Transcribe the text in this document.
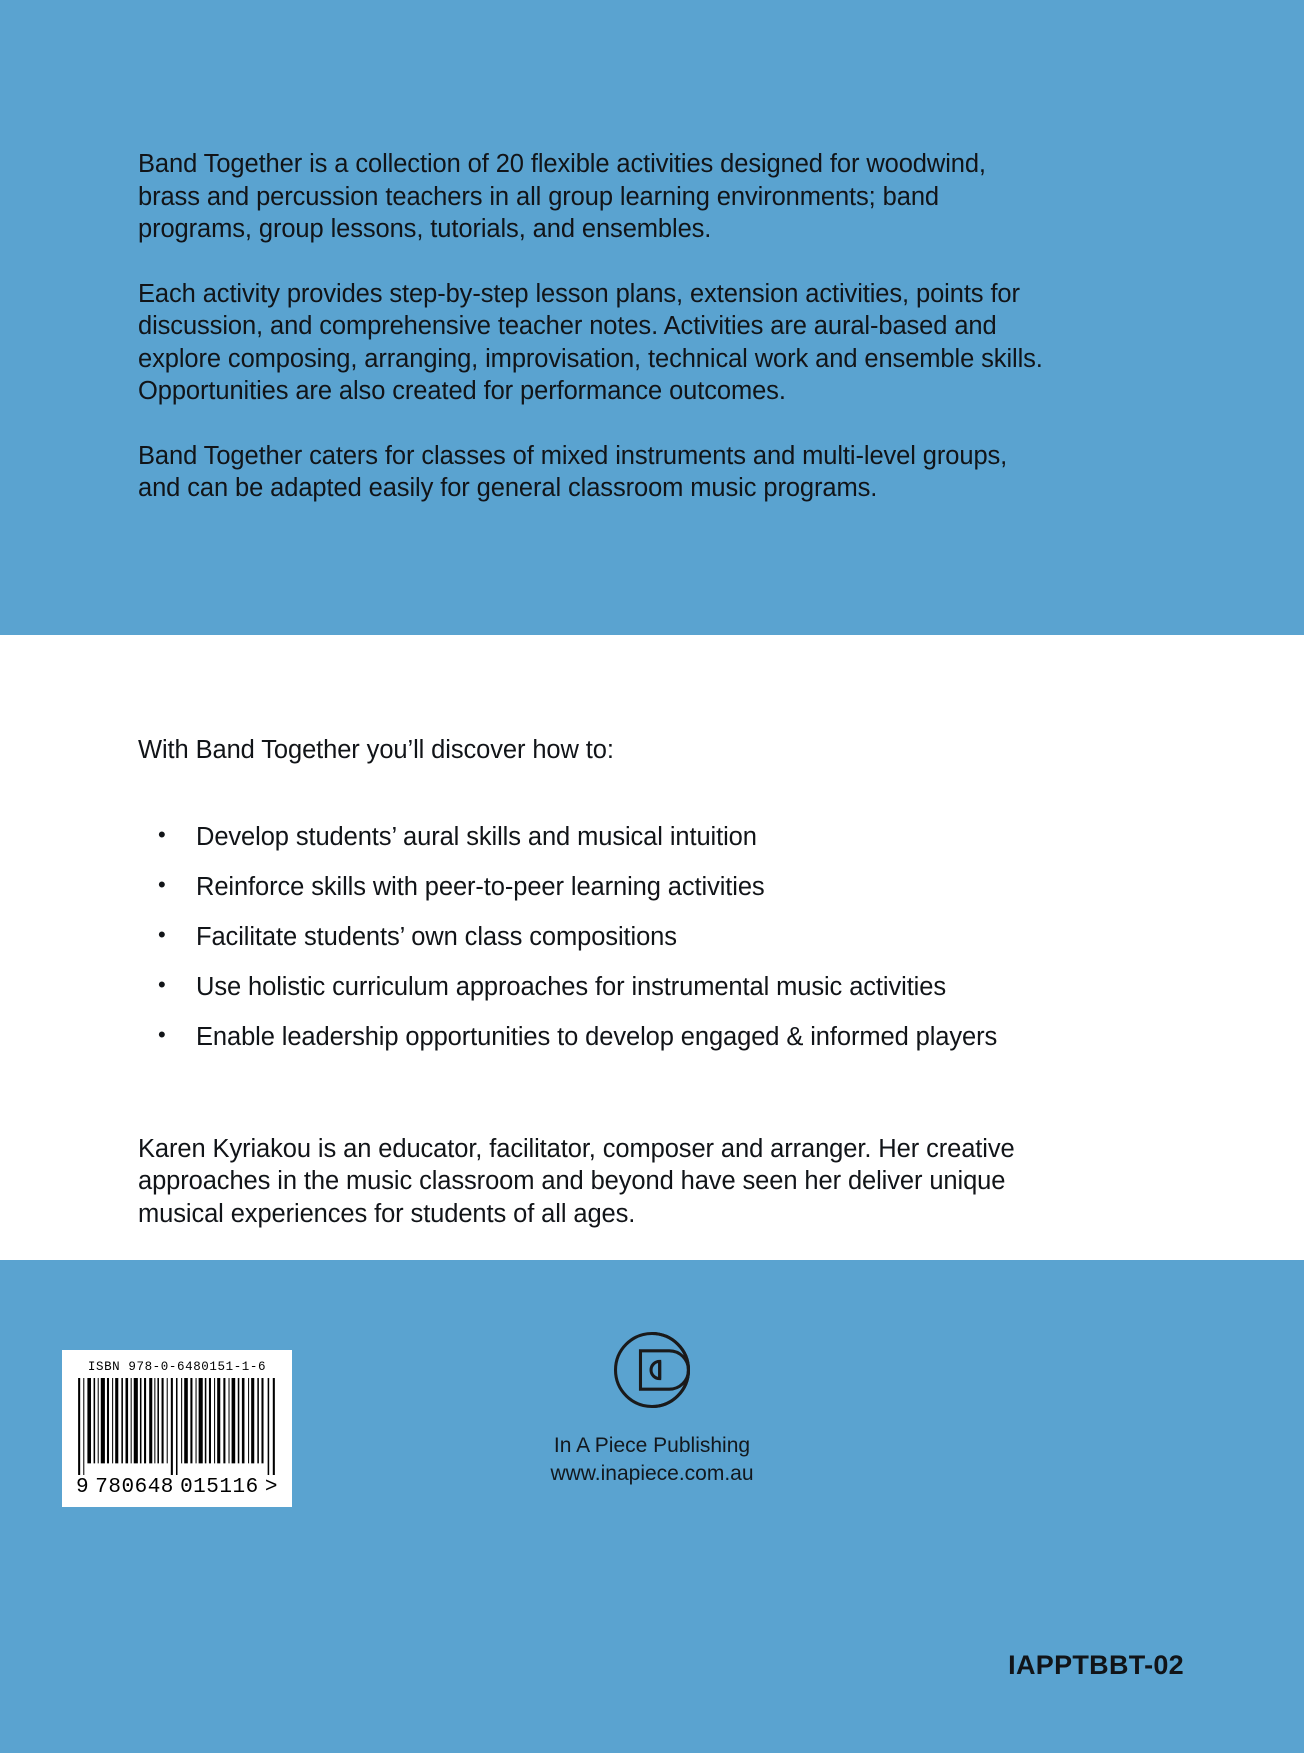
Band Together is a collection of 20 flexible activities designed for woodwind, brass and percussion teachers in all group learning environments; band programs, group lessons, tutorials, and ensembles.

Each activity provides step-by-step lesson plans, extension activities, points for discussion, and comprehensive teacher notes. Activities are aural-based and explore composing, arranging, improvisation, technical work and ensemble skills. Opportunities are also created for performance outcomes.

Band Together caters for classes of mixed instruments and multi-level groups, and can be adapted easily for general classroom music programs.

With Band Together you’ll discover how to:

•	Develop students’ aural skills and musical intuition
•	Reinforce skills with peer-to-peer learning activities
•	Facilitate students’ own class compositions
•	Use holistic curriculum approaches for instrumental music activities
•	Enable leadership opportunities to develop engaged & informed players

Karen Kyriakou is an educator, facilitator, composer and arranger. Her creative approaches in the music classroom and beyond have seen her deliver unique musical experiences for students of all ages.

ISBN 978-0-6480151-1-6
9 780648 015116 >
In A Piece Publishing
www.inapiece.com.au
IAPPTBBT-02
